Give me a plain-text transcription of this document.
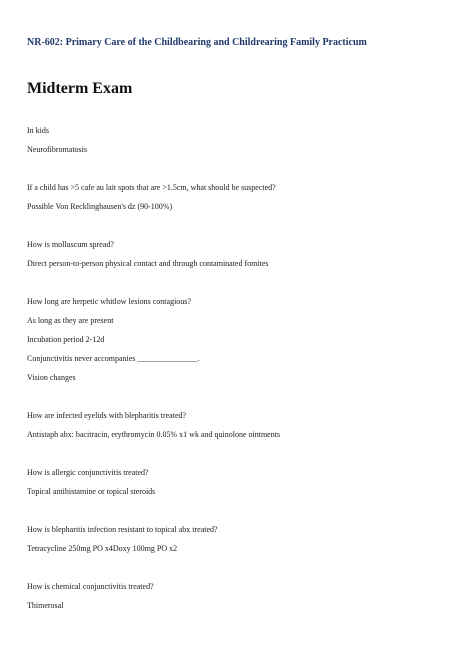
NR-602: Primary Care of the Childbearing and Childrearing Family Practicum
Midterm Exam
In kids
Neurofibromatosis
If a child has >5 cafe au lait spots that are >1.5cm, what should be suspected?
Possible Von Recklinghausen's dz (90-100%)
How is molluscum spread?
Direct person-to-person physical contact and through contaminated fomites
How long are herpetic whitlow lesions contagious?
As long as they are present
Incubation period 2-12d
Conjunctivitis never accompanies _______________.
Vision changes
How are infected eyelids with blepharitis treated?
Antistaph abx: bacitracin, erythromycin 0.05% x1 wk and quinolone ointments
How is allergic conjunctivitis treated?
Topical antihistamine or topical steroids
How is blepharitis infection resistant to topical abx treated?
Tetracycline 250mg PO x4Doxy 100mg PO x2
How is chemical conjunctivitis treated?
Thimerosal
